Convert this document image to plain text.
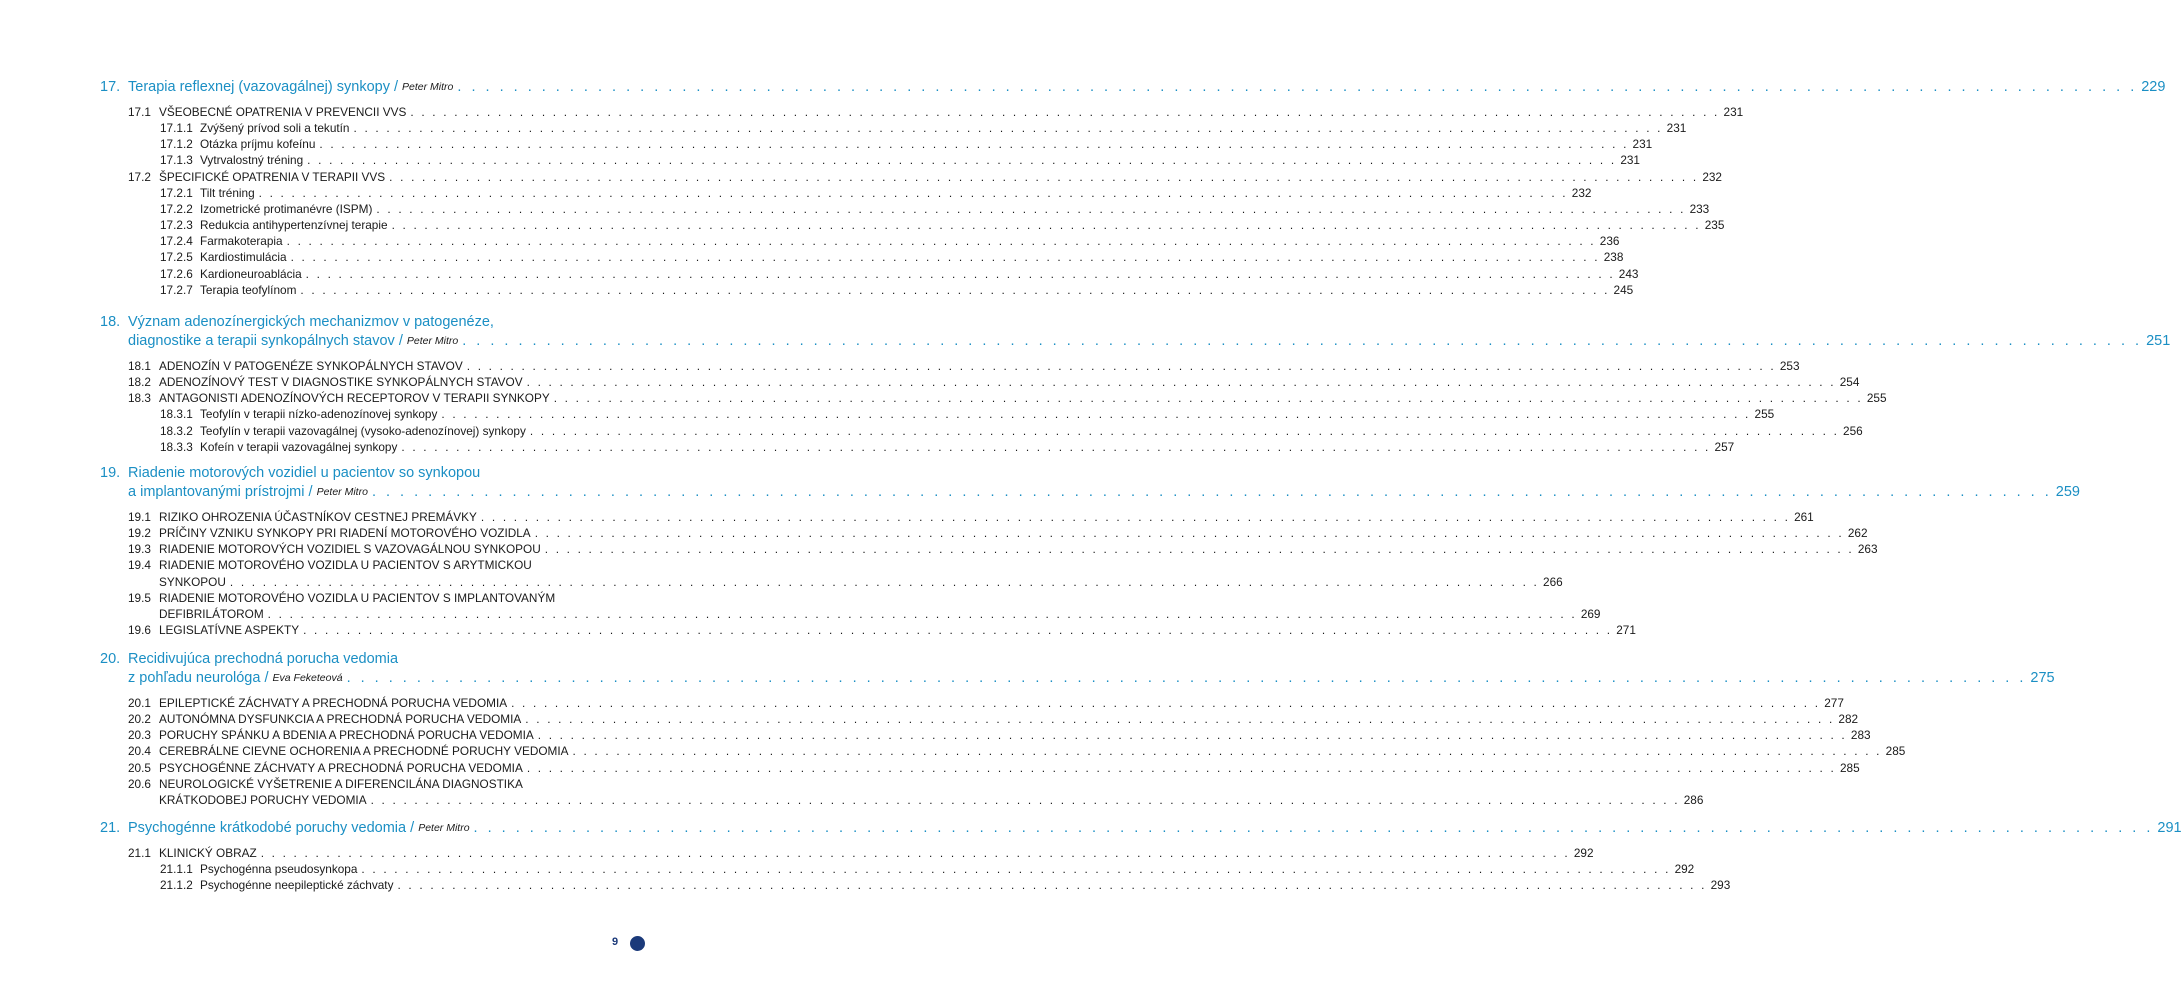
17. Terapia reflexnej (vazovagálnej) synkopy / Peter Mitro . . . . . . . . . . . . . . . . . . . . . . . . . . . . . . . . . . . . . . . . . . . . . . . . . . . . . . . . . . . . . . . . . . . . . . . . . . . . . . . . . . . . . . . . . . . . . . . . . . . . . . . . . . . . . . . . . . . . . . . . 229
17.1 VŠEOBECNÉ OPATRENIA V PREVENCII VVS . . . . . . . . . . . . . . . . . . . . . . . . . . . . . . . . . . . . . . . . . . . . . . . . . . . . . . . . . . . . . . . . . . . . . . . . . . . . . . . . . . . . . . . . . . . . . . . . . . . . . . . . . . . . . . . . . . . . . . . . 231
17.1.1 Zvýšený prívod soli a tekutín . . . . . . . . . . . . . . . . . . . . . . . . . . . . . . . . . . . . . . . . . . . . . . . . . . . . . . . . . . . . . . . . . . . . . . . . . . . . . . . . . . . . . . . . . . . . . . . . . . . . . . . . . . . . . . . . . . . . . . . . 231
17.1.2 Otázka príjmu kofeínu . . . . . . . . . . . . . . . . . . . . . . . . . . . . . . . . . . . . . . . . . . . . . . . . . . . . . . . . . . . . . . . . . . . . . . . . . . . . . . . . . . . . . . . . . . . . . . . . . . . . . . . . . . . . . . . . . . . . . . . . 231
17.1.3 Vytrvalostný tréning . . . . . . . . . . . . . . . . . . . . . . . . . . . . . . . . . . . . . . . . . . . . . . . . . . . . . . . . . . . . . . . . . . . . . . . . . . . . . . . . . . . . . . . . . . . . . . . . . . . . . . . . . . . . . . . . . . . . . . . . 231
17.2 ŠPECIFICKÉ OPATRENIA V TERAPII VVS . . . . . . . . . . . . . . . . . . . . . . . . . . . . . . . . . . . . . . . . . . . . . . . . . . . . . . . . . . . . . . . . . . . . . . . . . . . . . . . . . . . . . . . . . . . . . . . . . . . . . . . . . . . . . . . . . . . . . . . . 232
17.2.1 Tilt tréning . . . . . . . . . . . . . . . . . . . . . . . . . . . . . . . . . . . . . . . . . . . . . . . . . . . . . . . . . . . . . . . . . . . . . . . . . . . . . . . . . . . . . . . . . . . . . . . . . . . . . . . . . . . . . . . . . . . . . . . . 232
17.2.2 Izometrické protimanévre (ISPM) . . . . . . . . . . . . . . . . . . . . . . . . . . . . . . . . . . . . . . . . . . . . . . . . . . . . . . . . . . . . . . . . . . . . . . . . . . . . . . . . . . . . . . . . . . . . . . . . . . . . . . . . . . . . . . . . . . . . . . . . 233
17.2.3 Redukcia antihypertenzívnej terapie . . . . . . . . . . . . . . . . . . . . . . . . . . . . . . . . . . . . . . . . . . . . . . . . . . . . . . . . . . . . . . . . . . . . . . . . . . . . . . . . . . . . . . . . . . . . . . . . . . . . . . . . . . . . . . . . . . . . . . . . 235
17.2.4 Farmakoterapia . . . . . . . . . . . . . . . . . . . . . . . . . . . . . . . . . . . . . . . . . . . . . . . . . . . . . . . . . . . . . . . . . . . . . . . . . . . . . . . . . . . . . . . . . . . . . . . . . . . . . . . . . . . . . . . . . . . . . . . . 236
17.2.5 Kardiostimulácia . . . . . . . . . . . . . . . . . . . . . . . . . . . . . . . . . . . . . . . . . . . . . . . . . . . . . . . . . . . . . . . . . . . . . . . . . . . . . . . . . . . . . . . . . . . . . . . . . . . . . . . . . . . . . . . . . . . . . . . . 238
17.2.6 Kardioneuroablácia . . . . . . . . . . . . . . . . . . . . . . . . . . . . . . . . . . . . . . . . . . . . . . . . . . . . . . . . . . . . . . . . . . . . . . . . . . . . . . . . . . . . . . . . . . . . . . . . . . . . . . . . . . . . . . . . . . . . . . . . 243
17.2.7 Terapia teofylínom . . . . . . . . . . . . . . . . . . . . . . . . . . . . . . . . . . . . . . . . . . . . . . . . . . . . . . . . . . . . . . . . . . . . . . . . . . . . . . . . . . . . . . . . . . . . . . . . . . . . . . . . . . . . . . . . . . . . . . . . 245
18. Význam adenozínergických mechanizmov v patogenéze,
diagnostike a terapii synkopálnych stavov / Peter Mitro . . . . . . . . . . . . . . . . . . . . . . . . . . . . . . . . . . . . . . . . . . . . . . . . . . . . . . . . . . . . . . . . . . . . . . . . . . . . . . . . . . . . . . . . . . . . . . . . . . . . . . . . . . . . . . . . . . . . . . . . 251
18.1 ADENOZÍN V PATOGENÉZE SYNKOPÁLNYCH STAVOV . . . . . . . . . . . . . . . . . . . . . . . . . . . . . . . . . . . . . . . . . . . . . . . . . . . . . . . . . . . . . . . . . . . . . . . . . . . . . . . . . . . . . . . . . . . . . . . . . . . . . . . . . . . . . . . . . . . . . . . . 253
18.2 ADENOZÍNOVÝ TEST V DIAGNOSTIKE SYNKOPÁLNYCH STAVOV . . . . . . . . . . . . . . . . . . . . . . . . . . . . . . . . . . . . . . . . . . . . . . . . . . . . . . . . . . . . . . . . . . . . . . . . . . . . . . . . . . . . . . . . . . . . . . . . . . . . . . . . . . . . . . . . . . . . . . . . 254
18.3 ANTAGONISTI ADENOZÍNOVÝCH RECEPTOROV V TERAPII SYNKOPY . . . . . . . . . . . . . . . . . . . . . . . . . . . . . . . . . . . . . . . . . . . . . . . . . . . . . . . . . . . . . . . . . . . . . . . . . . . . . . . . . . . . . . . . . . . . . . . . . . . . . . . . . . . . . . . . . . . . . . . . 255
18.3.1 Teofylín v terapii nízko-adenozínovej synkopy . . . . . . . . . . . . . . . . . . . . . . . . . . . . . . . . . . . . . . . . . . . . . . . . . . . . . . . . . . . . . . . . . . . . . . . . . . . . . . . . . . . . . . . . . . . . . . . . . . . . . . . . . . . . . . . . . . . . . . . . 255
18.3.2 Teofylín v terapii vazovagálnej (vysoko-adenozínovej) synkopy . . . . . . . . . . . . . . . . . . . . . . . . . . . . . . . . . . . . . . . . . . . . . . . . . . . . . . . . . . . . . . . . . . . . . . . . . . . . . . . . . . . . . . . . . . . . . . . . . . . . . . . . . . . . . . . . . . . . . . . . 256
18.3.3 Kofeín v terapii vazovagálnej synkopy . . . . . . . . . . . . . . . . . . . . . . . . . . . . . . . . . . . . . . . . . . . . . . . . . . . . . . . . . . . . . . . . . . . . . . . . . . . . . . . . . . . . . . . . . . . . . . . . . . . . . . . . . . . . . . . . . . . . . . . . 257
19. Riadenie motorových vozidiel u pacientov so synkopou
a implantovanými prístrojmi / Peter Mitro . . . . . . . . . . . . . . . . . . . . . . . . . . . . . . . . . . . . . . . . . . . . . . . . . . . . . . . . . . . . . . . . . . . . . . . . . . . . . . . . . . . . . . . . . . . . . . . . . . . . . . . . . . . . . . . . . . . . . . . . 259
19.1 RIZIKO OHROZENIA ÚČASTNÍKOV CESTNEJ PREMÁVKY . . . . . . . . . . . . . . . . . . . . . . . . . . . . . . . . . . . . . . . . . . . . . . . . . . . . . . . . . . . . . . . . . . . . . . . . . . . . . . . . . . . . . . . . . . . . . . . . . . . . . . . . . . . . . . . . . . . . . . . . 261
19.2 PRÍČINY VZNIKU SYNKOPY PRI RIADENÍ MOTOROVÉHO VOZIDLA . . . . . . . . . . . . . . . . . . . . . . . . . . . . . . . . . . . . . . . . . . . . . . . . . . . . . . . . . . . . . . . . . . . . . . . . . . . . . . . . . . . . . . . . . . . . . . . . . . . . . . . . . . . . . . . . . . . . . . . . 262
19.3 RIADENIE MOTOROVÝCH VOZIDIEL S VAZOVAGÁLNOU SYNKOPOU . . . . . . . . . . . . . . . . . . . . . . . . . . . . . . . . . . . . . . . . . . . . . . . . . . . . . . . . . . . . . . . . . . . . . . . . . . . . . . . . . . . . . . . . . . . . . . . . . . . . . . . . . . . . . . . . . . . . . . . . 263
19.4 RIADENIE MOTOROVÉHO VOZIDLA U PACIENTOV S ARYTMICKOU
SYNKOPOU . . . . . . . . . . . . . . . . . . . . . . . . . . . . . . . . . . . . . . . . . . . . . . . . . . . . . . . . . . . . . . . . . . . . . . . . . . . . . . . . . . . . . . . . . . . . . . . . . . . . . . . . . . . . . . . . . . . . . . . . 266
19.5 RIADENIE MOTOROVÉHO VOZIDLA U PACIENTOV S IMPLANTOVANÝM
DEFIBRILÁTOROM . . . . . . . . . . . . . . . . . . . . . . . . . . . . . . . . . . . . . . . . . . . . . . . . . . . . . . . . . . . . . . . . . . . . . . . . . . . . . . . . . . . . . . . . . . . . . . . . . . . . . . . . . . . . . . . . . . . . . . . . 269
19.6 LEGISLATÍVNE ASPEKTY . . . . . . . . . . . . . . . . . . . . . . . . . . . . . . . . . . . . . . . . . . . . . . . . . . . . . . . . . . . . . . . . . . . . . . . . . . . . . . . . . . . . . . . . . . . . . . . . . . . . . . . . . . . . . . . . . . . . . . . . 271
20. Recidivujúca prechodná porucha vedomia
z pohľadu neurológa / Eva Feketeová . . . . . . . . . . . . . . . . . . . . . . . . . . . . . . . . . . . . . . . . . . . . . . . . . . . . . . . . . . . . . . . . . . . . . . . . . . . . . . . . . . . . . . . . . . . . . . . . . . . . . . . . . . . . . . . . . . . . . . . . 275
20.1 EPILEPTICKÉ ZÁCHVATY A PRECHODNÁ PORUCHA VEDOMIA . . . . . . . . . . . . . . . . . . . . . . . . . . . . . . . . . . . . . . . . . . . . . . . . . . . . . . . . . . . . . . . . . . . . . . . . . . . . . . . . . . . . . . . . . . . . . . . . . . . . . . . . . . . . . . . . . . . . . . . . 277
20.2 AUTONÓMNA DYSFUNKCIA A PRECHODNÁ PORUCHA VEDOMIA . . . . . . . . . . . . . . . . . . . . . . . . . . . . . . . . . . . . . . . . . . . . . . . . . . . . . . . . . . . . . . . . . . . . . . . . . . . . . . . . . . . . . . . . . . . . . . . . . . . . . . . . . . . . . . . . . . . . . . . . 282
20.3 PORUCHY SPÁNKU A BDENIA A PRECHODNÁ PORUCHA VEDOMIA . . . . . . . . . . . . . . . . . . . . . . . . . . . . . . . . . . . . . . . . . . . . . . . . . . . . . . . . . . . . . . . . . . . . . . . . . . . . . . . . . . . . . . . . . . . . . . . . . . . . . . . . . . . . . . . . . . . . . . . . 283
20.4 CEREBRÁLNE CIEVNE OCHORENIA A PRECHODNÉ PORUCHY VEDOMIA . . . . . . . . . . . . . . . . . . . . . . . . . . . . . . . . . . . . . . . . . . . . . . . . . . . . . . . . . . . . . . . . . . . . . . . . . . . . . . . . . . . . . . . . . . . . . . . . . . . . . . . . . . . . . . . . . . . . . . . . 285
20.5 PSYCHOGÉNNE ZÁCHVATY A PRECHODNÁ PORUCHA VEDOMIA . . . . . . . . . . . . . . . . . . . . . . . . . . . . . . . . . . . . . . . . . . . . . . . . . . . . . . . . . . . . . . . . . . . . . . . . . . . . . . . . . . . . . . . . . . . . . . . . . . . . . . . . . . . . . . . . . . . . . . . . 285
20.6 NEUROLOGICKÉ VYŠETRENIE A DIFERENCILÁNA DIAGNOSTIKA
KRÁTKODOBEJ PORUCHY VEDOMIA . . . . . . . . . . . . . . . . . . . . . . . . . . . . . . . . . . . . . . . . . . . . . . . . . . . . . . . . . . . . . . . . . . . . . . . . . . . . . . . . . . . . . . . . . . . . . . . . . . . . . . . . . . . . . . . . . . . . . . . . 286
21. Psychogénne krátkodobé poruchy vedomia / Peter Mitro . . . . . . . . . . . . . . . . . . . . . . . . . . . . . . . . . . . . . . . . . . . . . . . . . . . . . . . . . . . . . . . . . . . . . . . . . . . . . . . . . . . . . . . . . . . . . . . . . . . . . . . . . . . . . . . . . . . . . . . . 291
21.1 KLINICKÝ OBRAZ . . . . . . . . . . . . . . . . . . . . . . . . . . . . . . . . . . . . . . . . . . . . . . . . . . . . . . . . . . . . . . . . . . . . . . . . . . . . . . . . . . . . . . . . . . . . . . . . . . . . . . . . . . . . . . . . . . . . . . . . 292
21.1.1 Psychogénna pseudosynkopa . . . . . . . . . . . . . . . . . . . . . . . . . . . . . . . . . . . . . . . . . . . . . . . . . . . . . . . . . . . . . . . . . . . . . . . . . . . . . . . . . . . . . . . . . . . . . . . . . . . . . . . . . . . . . . . . . . . . . . . . 292
21.1.2 Psychogénne neepileptické záchvaty . . . . . . . . . . . . . . . . . . . . . . . . . . . . . . . . . . . . . . . . . . . . . . . . . . . . . . . . . . . . . . . . . . . . . . . . . . . . . . . . . . . . . . . . . . . . . . . . . . . . . . . . . . . . . . . . . . . . . . . . 293
9
